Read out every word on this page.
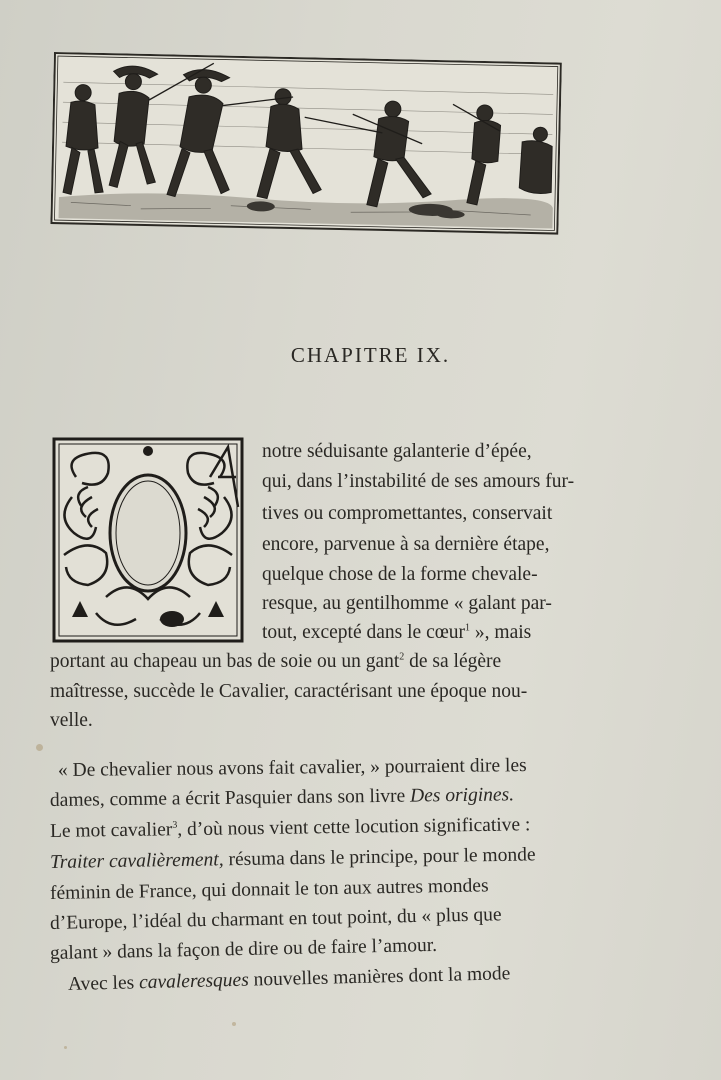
CHAPITRE IX.
notre séduisante galanterie d’épée,
qui, dans l’instabilité de ses amours fur-
tives ou compromettantes, conservait
encore, parvenue à sa dernière étape,
quelque chose de la forme chevale-
resque, au gentilhomme « galant par-
tout, excepté dans le cœur$^1$ », mais
portant au chapeau un bas de soie ou un gant$^2$ de sa légère
maîtresse, succède le Cavalier, caractérisant une époque nou-
velle.
« De chevalier nous avons fait cavalier, » pourraient dire les
dames, comme a écrit Pasquier dans son livre Des origines.
Le mot cavalier$^3$, d’où nous vient cette locution significative :
Traiter cavalièrement, résuma dans le principe, pour le monde
féminin de France, qui donnait le ton aux autres mondes
d’Europe, l’idéal du charmant en tout point, du « plus que
galant » dans la façon de dire ou de faire l’amour.
Avec les cavaleresques nouvelles manières dont la mode
